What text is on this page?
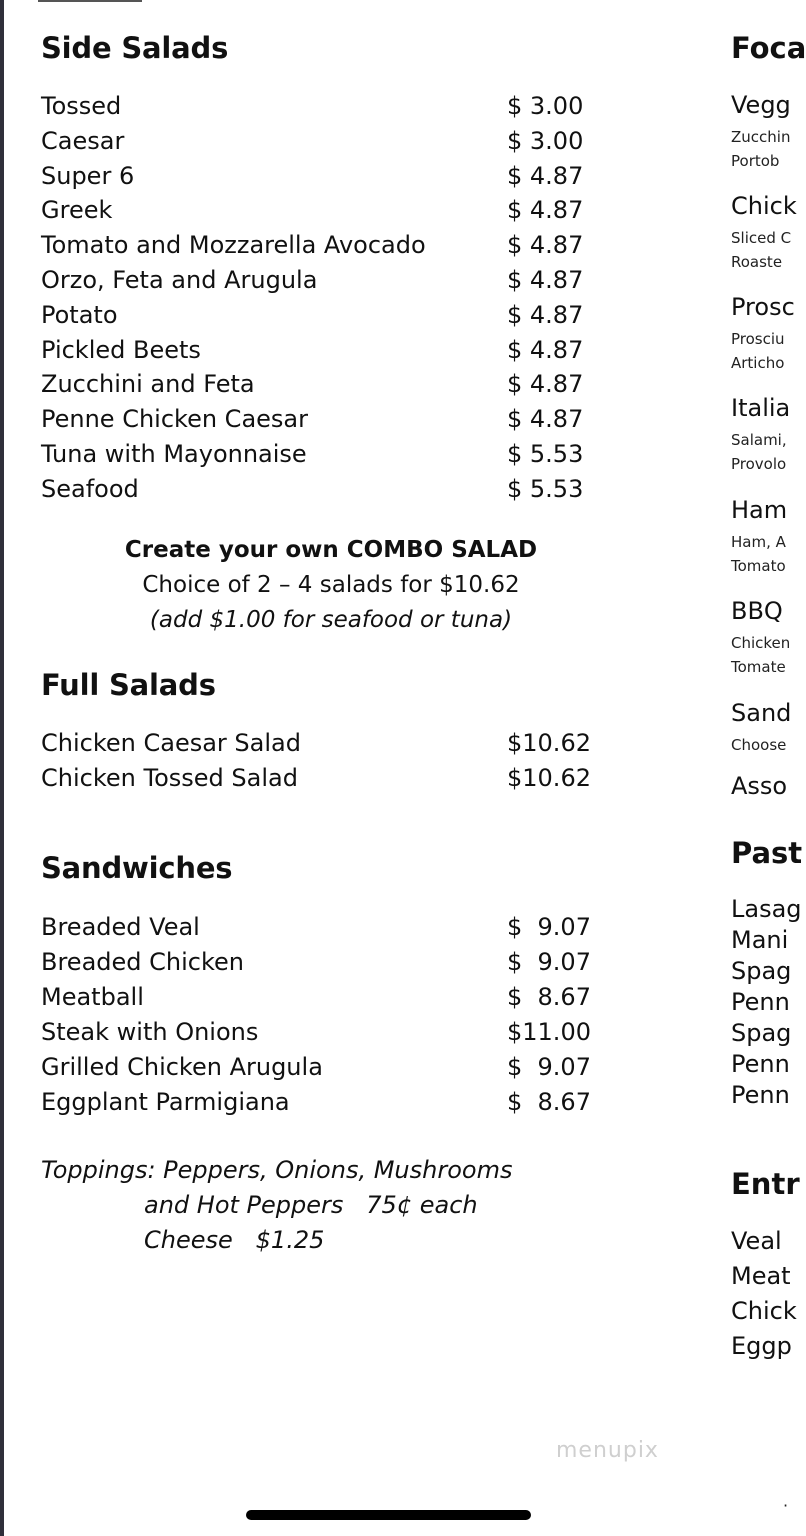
Side Salads
Tossed	$ 3.00
Caesar	$ 3.00
Super 6	$ 4.87
Greek	$ 4.87
Tomato and Mozzarella Avocado	$ 4.87
Orzo, Feta and Arugula	$ 4.87
Potato	$ 4.87
Pickled Beets	$ 4.87
Zucchini and Feta	$ 4.87
Penne Chicken Caesar	$ 4.87
Tuna with Mayonnaise	$ 5.53
Seafood	$ 5.53
Create your own COMBO SALAD
Choice of 2 – 4 salads for $10.62
(add $1.00 for seafood or tuna)
Full Salads
Chicken Caesar Salad	$10.62
Chicken Tossed Salad	$10.62
Sandwiches
Breaded Veal	$  9.07
Breaded Chicken	$  9.07
Meatball	$  8.67
Steak with Onions	$11.00
Grilled Chicken Arugula	$  9.07
Eggplant Parmigiana	$  8.67
Toppings: Peppers, Onions, Mushrooms
and Hot Peppers   75¢ each
Cheese   $1.25
Foca
Vegg
Zucchin
Portob
Chick
Sliced C
Roaste
Prosc
Prosciu
Articho
Italia
Salami,
Provolo
Ham
Ham, A
Tomato
BBQ
Chicken
Tomate
Sand
Choose
Asso
Past
Lasag
Mani
Spag
Penn
Spag
Penn
Penn
Entr
Veal
Meat
Chick
Eggp
menupix
·
